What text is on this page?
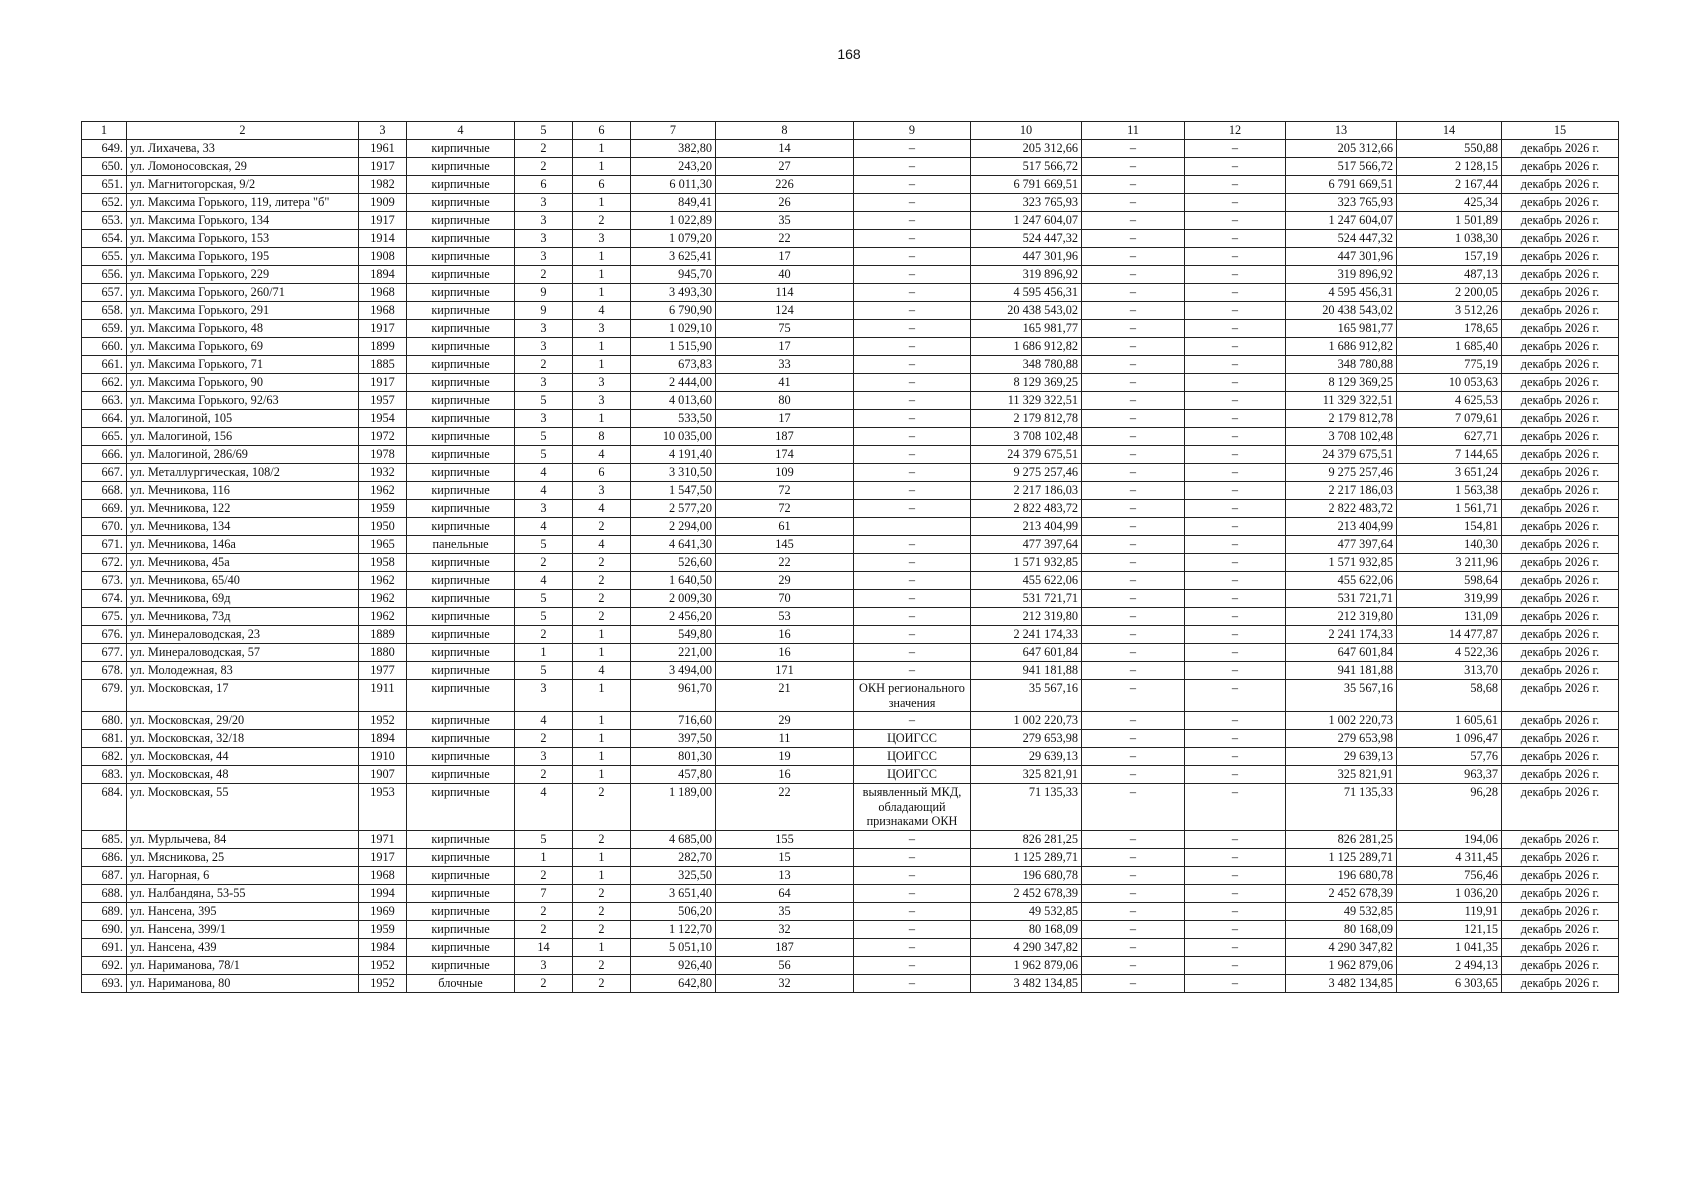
168
1	2	3	4	5	6	7	8	9	10	11	12	13	14	15
649.	ул. Лихачева, 33	1961	кирпичные	2	1	382,80	14	–	205 312,66	–	–	205 312,66	550,88	декабрь 2026 г.
650.	ул. Ломоносовская, 29	1917	кирпичные	2	1	243,20	27	–	517 566,72	–	–	517 566,72	2 128,15	декабрь 2026 г.
651.	ул. Магнитогорская, 9/2	1982	кирпичные	6	6	6 011,30	226	–	6 791 669,51	–	–	6 791 669,51	2 167,44	декабрь 2026 г.
652.	ул. Максима Горького, 119, литера "б"	1909	кирпичные	3	1	849,41	26	–	323 765,93	–	–	323 765,93	425,34	декабрь 2026 г.
653.	ул. Максима Горького, 134	1917	кирпичные	3	2	1 022,89	35	–	1 247 604,07	–	–	1 247 604,07	1 501,89	декабрь 2026 г.
654.	ул. Максима Горького, 153	1914	кирпичные	3	3	1 079,20	22	–	524 447,32	–	–	524 447,32	1 038,30	декабрь 2026 г.
655.	ул. Максима Горького, 195	1908	кирпичные	3	1	3 625,41	17	–	447 301,96	–	–	447 301,96	157,19	декабрь 2026 г.
656.	ул. Максима Горького, 229	1894	кирпичные	2	1	945,70	40	–	319 896,92	–	–	319 896,92	487,13	декабрь 2026 г.
657.	ул. Максима Горького, 260/71	1968	кирпичные	9	1	3 493,30	114	–	4 595 456,31	–	–	4 595 456,31	2 200,05	декабрь 2026 г.
658.	ул. Максима Горького, 291	1968	кирпичные	9	4	6 790,90	124	–	20 438 543,02	–	–	20 438 543,02	3 512,26	декабрь 2026 г.
659.	ул. Максима Горького, 48	1917	кирпичные	3	3	1 029,10	75	–	165 981,77	–	–	165 981,77	178,65	декабрь 2026 г.
660.	ул. Максима Горького, 69	1899	кирпичные	3	1	1 515,90	17	–	1 686 912,82	–	–	1 686 912,82	1 685,40	декабрь 2026 г.
661.	ул. Максима Горького, 71	1885	кирпичные	2	1	673,83	33	–	348 780,88	–	–	348 780,88	775,19	декабрь 2026 г.
662.	ул. Максима Горького, 90	1917	кирпичные	3	3	2 444,00	41	–	8 129 369,25	–	–	8 129 369,25	10 053,63	декабрь 2026 г.
663.	ул. Максима Горького, 92/63	1957	кирпичные	5	3	4 013,60	80	–	11 329 322,51	–	–	11 329 322,51	4 625,53	декабрь 2026 г.
664.	ул. Малогиной, 105	1954	кирпичные	3	1	533,50	17	–	2 179 812,78	–	–	2 179 812,78	7 079,61	декабрь 2026 г.
665.	ул. Малогиной, 156	1972	кирпичные	5	8	10 035,00	187	–	3 708 102,48	–	–	3 708 102,48	627,71	декабрь 2026 г.
666.	ул. Малогиной, 286/69	1978	кирпичные	5	4	4 191,40	174	–	24 379 675,51	–	–	24 379 675,51	7 144,65	декабрь 2026 г.
667.	ул. Металлургическая, 108/2	1932	кирпичные	4	6	3 310,50	109	–	9 275 257,46	–	–	9 275 257,46	3 651,24	декабрь 2026 г.
668.	ул. Мечникова, 116	1962	кирпичные	4	3	1 547,50	72	–	2 217 186,03	–	–	2 217 186,03	1 563,38	декабрь 2026 г.
669.	ул. Мечникова, 122	1959	кирпичные	3	4	2 577,20	72	–	2 822 483,72	–	–	2 822 483,72	1 561,71	декабрь 2026 г.
670.	ул. Мечникова, 134	1950	кирпичные	4	2	2 294,00	61		213 404,99	–	–	213 404,99	154,81	декабрь 2026 г.
671.	ул. Мечникова, 146а	1965	панельные	5	4	4 641,30	145	–	477 397,64	–	–	477 397,64	140,30	декабрь 2026 г.
672.	ул. Мечникова, 45а	1958	кирпичные	2	2	526,60	22	–	1 571 932,85	–	–	1 571 932,85	3 211,96	декабрь 2026 г.
673.	ул. Мечникова, 65/40	1962	кирпичные	4	2	1 640,50	29	–	455 622,06	–	–	455 622,06	598,64	декабрь 2026 г.
674.	ул. Мечникова, 69д	1962	кирпичные	5	2	2 009,30	70	–	531 721,71	–	–	531 721,71	319,99	декабрь 2026 г.
675.	ул. Мечникова, 73д	1962	кирпичные	5	2	2 456,20	53	–	212 319,80	–	–	212 319,80	131,09	декабрь 2026 г.
676.	ул. Минераловодская, 23	1889	кирпичные	2	1	549,80	16	–	2 241 174,33	–	–	2 241 174,33	14 477,87	декабрь 2026 г.
677.	ул. Минераловодская, 57	1880	кирпичные	1	1	221,00	16	–	647 601,84	–	–	647 601,84	4 522,36	декабрь 2026 г.
678.	ул. Молодежная, 83	1977	кирпичные	5	4	3 494,00	171	–	941 181,88	–	–	941 181,88	313,70	декабрь 2026 г.
679.	ул. Московская, 17	1911	кирпичные	3	1	961,70	21	ОКН регионального значения	35 567,16	–	–	35 567,16	58,68	декабрь 2026 г.
680.	ул. Московская, 29/20	1952	кирпичные	4	1	716,60	29	–	1 002 220,73	–	–	1 002 220,73	1 605,61	декабрь 2026 г.
681.	ул. Московская, 32/18	1894	кирпичные	2	1	397,50	11	ЦОИГСС	279 653,98	–	–	279 653,98	1 096,47	декабрь 2026 г.
682.	ул. Московская, 44	1910	кирпичные	3	1	801,30	19	ЦОИГСС	29 639,13	–	–	29 639,13	57,76	декабрь 2026 г.
683.	ул. Московская, 48	1907	кирпичные	2	1	457,80	16	ЦОИГСС	325 821,91	–	–	325 821,91	963,37	декабрь 2026 г.
684.	ул. Московская, 55	1953	кирпичные	4	2	1 189,00	22	выявленный МКД, обладающий признаками ОКН	71 135,33	–	–	71 135,33	96,28	декабрь 2026 г.
685.	ул. Мурлычева, 84	1971	кирпичные	5	2	4 685,00	155	–	826 281,25	–	–	826 281,25	194,06	декабрь 2026 г.
686.	ул. Мясникова, 25	1917	кирпичные	1	1	282,70	15	–	1 125 289,71	–	–	1 125 289,71	4 311,45	декабрь 2026 г.
687.	ул. Нагорная, 6	1968	кирпичные	2	1	325,50	13	–	196 680,78	–	–	196 680,78	756,46	декабрь 2026 г.
688.	ул. Налбандяна, 53-55	1994	кирпичные	7	2	3 651,40	64	–	2 452 678,39	–	–	2 452 678,39	1 036,20	декабрь 2026 г.
689.	ул. Нансена, 395	1969	кирпичные	2	2	506,20	35	–	49 532,85	–	–	49 532,85	119,91	декабрь 2026 г.
690.	ул. Нансена, 399/1	1959	кирпичные	2	2	1 122,70	32	–	80 168,09	–	–	80 168,09	121,15	декабрь 2026 г.
691.	ул. Нансена, 439	1984	кирпичные	14	1	5 051,10	187	–	4 290 347,82	–	–	4 290 347,82	1 041,35	декабрь 2026 г.
692.	ул. Нариманова, 78/1	1952	кирпичные	3	2	926,40	56	–	1 962 879,06	–	–	1 962 879,06	2 494,13	декабрь 2026 г.
693.	ул. Нариманова, 80	1952	блочные	2	2	642,80	32	–	3 482 134,85	–	–	3 482 134,85	6 303,65	декабрь 2026 г.
